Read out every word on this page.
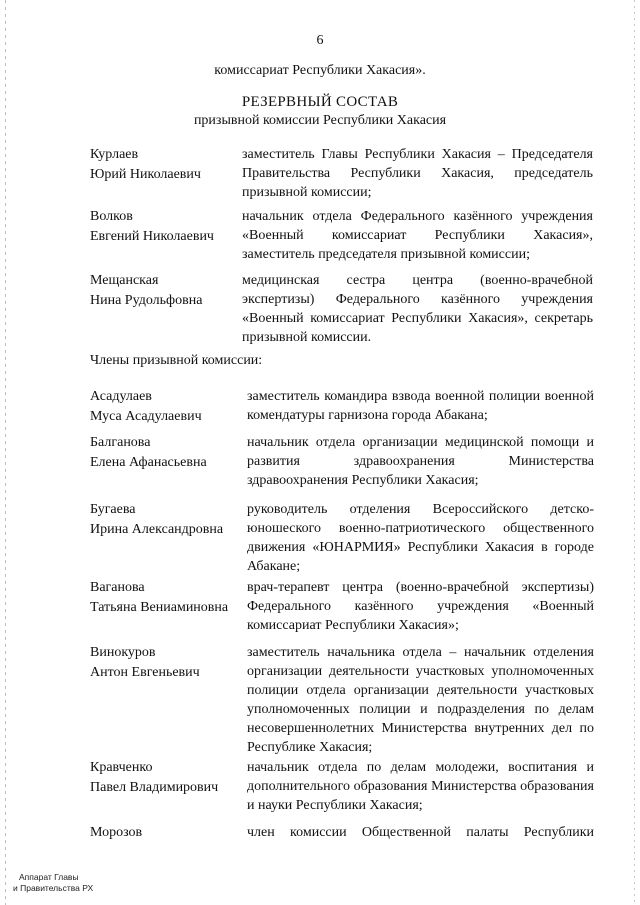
6
комиссариат Республики Хакасия».
РЕЗЕРВНЫЙ СОСТАВ
призывной комиссии Республики Хакасия
Курлаев
Юрий Николаевич
заместитель Главы Республики Хакасия – Председателя Правительства Республики Хакасия, председатель призывной комиссии;
Волков
Евгений Николаевич
начальник отдела Федерального казённого учреждения «Военный комиссариат Республики Хакасия», заместитель председателя призывной комиссии;
Мещанская
Нина Рудольфовна
медицинская сестра центра (военно-врачебной экспертизы) Федерального казённого учреждения «Военный комиссариат Республики Хакасия», секретарь призывной комиссии.
Члены призывной комиссии:
Асадулаев
Муса Асадулаевич
заместитель командира взвода военной полиции военной комендатуры гарнизона города Абакана;
Балганова
Елена Афанасьевна
начальник отдела организации медицинской помощи и развития здравоохранения Министерства здравоохранения Республики Хакасия;
Бугаева
Ирина Александровна
руководитель отделения Всероссийского детско-юношеского военно-патриотического общественного движения «ЮНАРМИЯ» Республики Хакасия в городе Абакане;
Ваганова
Татьяна Вениаминовна
врач-терапевт центра (военно-врачебной экспертизы) Федерального казённого учреждения «Военный комиссариат Республики Хакасия»;
Винокуров
Антон Евгеньевич
заместитель начальника отдела – начальник отделения организации деятельности участковых уполномоченных полиции отдела организации деятельности участковых уполномоченных полиции и подразделения по делам несовершеннолетних Министерства внутренних дел по Республике Хакасия;
Кравченко
Павел Владимирович
начальник отдела по делам молодежи, воспитания и дополнительного образования Министерства образования и науки Республики Хакасия;
Морозов	член комиссии Общественной палаты Республики
Аппарат Главы
и Правительства РХ
